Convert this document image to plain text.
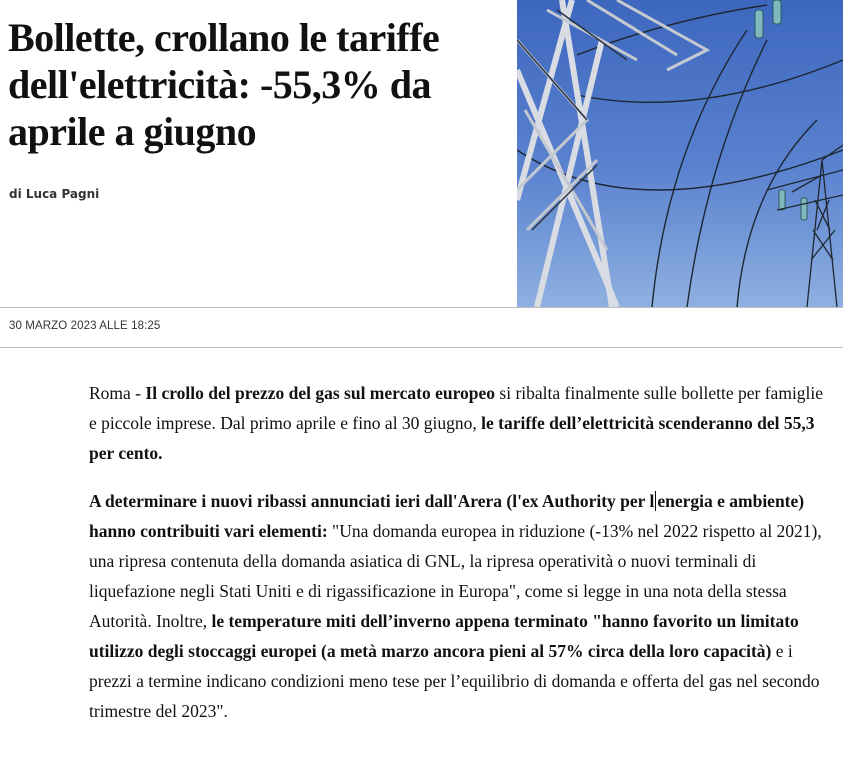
Bollette, crollano le tariffe dell'elettricità: -55,3% da aprile a giugno
di Luca Pagni
30 MARZO 2023 ALLE 18:25

Roma - Il crollo del prezzo del gas sul mercato europeo si ribalta finalmente sulle bollette per famiglie e piccole imprese. Dal primo aprile e fino al 30 giugno, le tariffe dell’elettricità scenderanno del 55,3 per cento.

A determinare i nuovi ribassi annunciati ieri dall'Arera (l'ex Authority per l energia e ambiente) hanno contribuiti vari elementi: "Una domanda europea in riduzione (-13% nel 2022 rispetto al 2021), una ripresa contenuta della domanda asiatica di GNL, la ripresa operatività o nuovi terminali di liquefazione negli Stati Uniti e di rigassificazione in Europa", come si legge in una nota della stessa Autorità. Inoltre, le temperature miti dell’inverno appena terminato "hanno favorito un limitato utilizzo degli stoccaggi europei (a metà marzo ancora pieni al 57% circa della loro capacità) e i prezzi a termine indicano condizioni meno tese per l’equilibrio di domanda e offerta del gas nel secondo trimestre del 2023".
